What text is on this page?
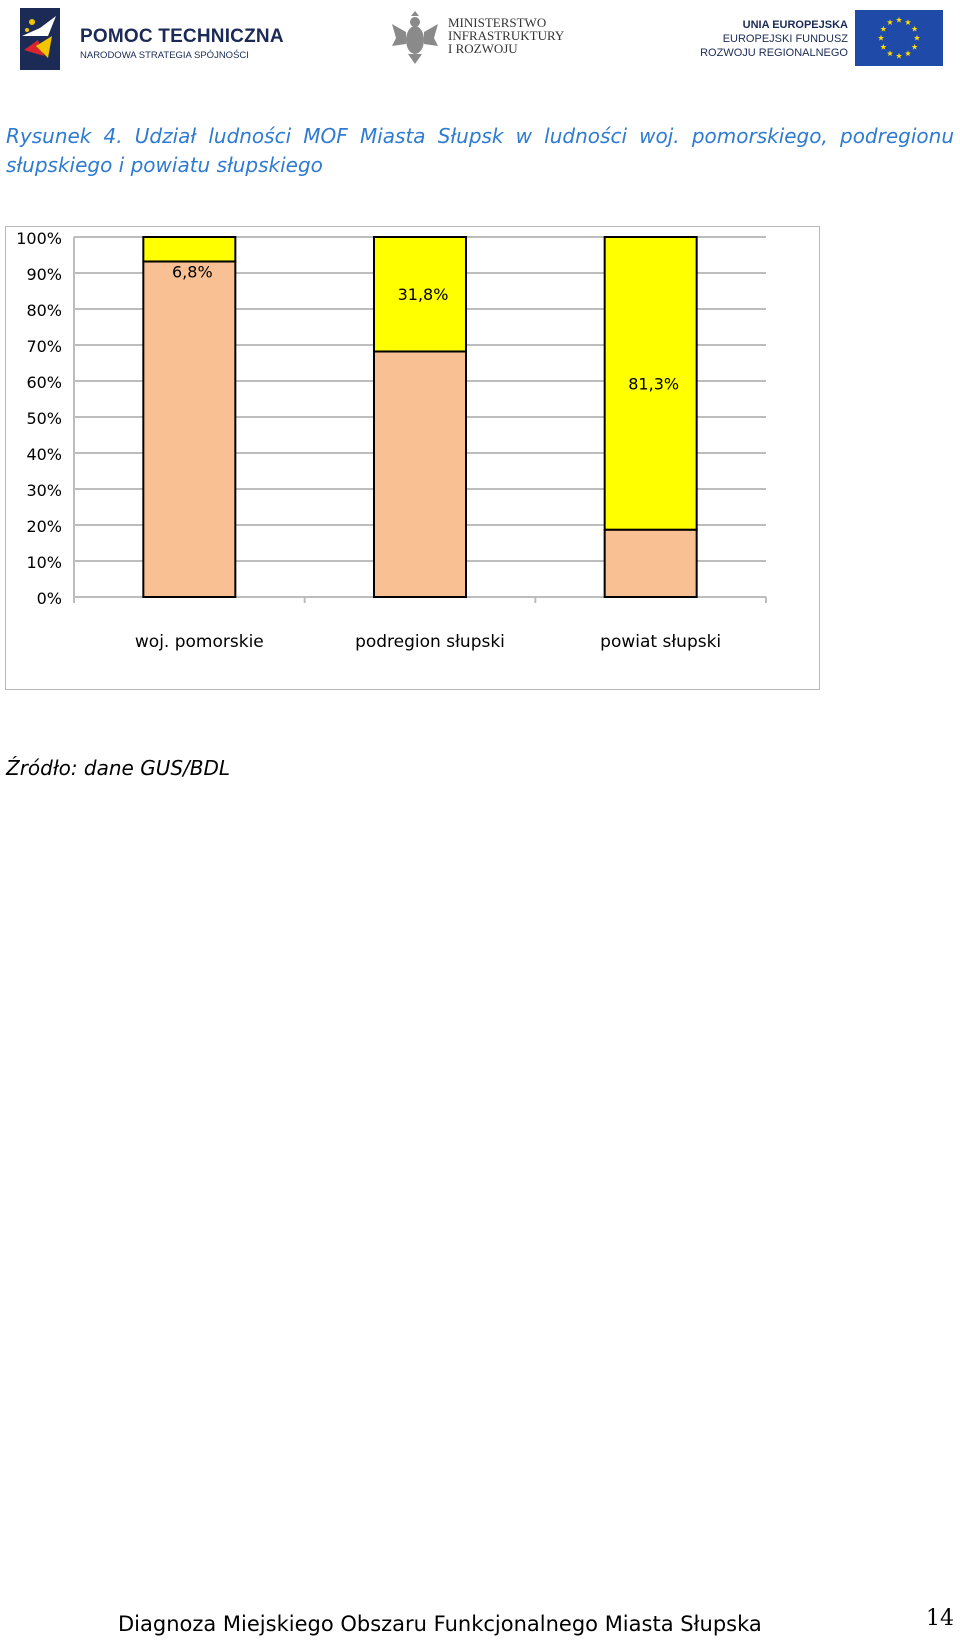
POMOC TECHNICZNA
NARODOWA STRATEGIA SPÓJNOŚCI
MINISTERSTWO
INFRASTRUKTURY
I ROZWOJU
UNIA EUROPEJSKA
EUROPEJSKI FUNDUSZ
ROZWOJU REGIONALNEGO
Rysunek 4. Udział ludności MOF Miasta Słupsk w ludności woj. pomorskiego, podregionu słupskiego i powiatu słupskiego
0%
10%
20%
30%
40%
50%
60%
70%
80%
90%
100%
6,8%
woj. pomorskie
31,8%
podregion słupski
81,3%
powiat słupski
Źródło: dane GUS/BDL
Diagnoza Miejskiego Obszaru Funkcjonalnego Miasta Słupska	14
